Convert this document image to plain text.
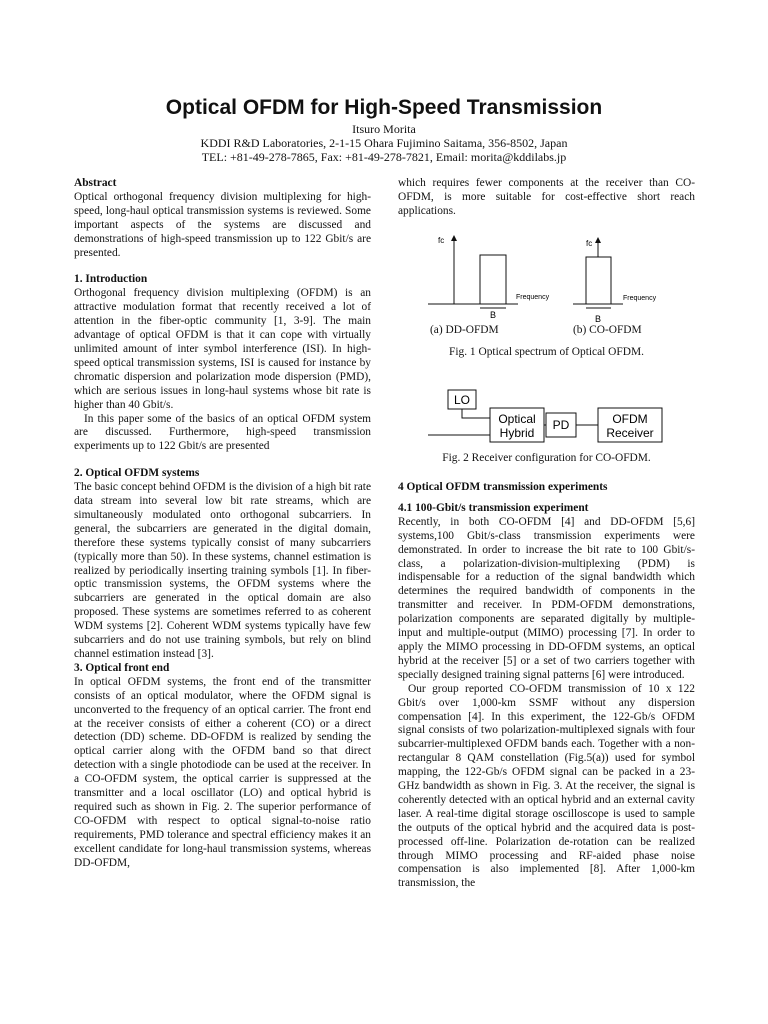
Optical OFDM for High-Speed Transmission
Itsuro Morita
KDDI R&D Laboratories, 2-1-15 Ohara Fujimino Saitama, 356-8502, Japan
TEL: +81-49-278-7865, Fax: +81-49-278-7821, Email: morita@kddilabs.jp
Abstract

Optical orthogonal frequency division multiplexing for high-speed, long-haul optical transmission systems is reviewed. Some important aspects of the systems are discussed and demonstrations of high-speed transmission up to 122 Gbit/s are presented.

1. Introduction

Orthogonal frequency division multiplexing (OFDM) is an attractive modulation format that recently received a lot of attention in the fiber-optic community [1, 3-9]. The main advantage of optical OFDM is that it can cope with virtually unlimited amount of inter symbol interference (ISI). In high-speed optical transmission systems, ISI is caused for instance by chromatic dispersion and polarization mode dispersion (PMD), which are serious issues in long-haul systems whose bit rate is higher than 40 Gbit/s.

In this paper some of the basics of an optical OFDM system are discussed. Furthermore, high-speed transmission experiments up to 122 Gbit/s are presented

2. Optical OFDM systems

The basic concept behind OFDM is the division of a high bit rate data stream into several low bit rate streams, which are simultaneously modulated onto orthogonal subcarriers. In general, the subcarriers are generated in the digital domain, therefore these systems typically consist of many subcarriers (typically more than 50). In these systems, channel estimation is realized by periodically inserting training symbols [1]. In fiber-optic transmission systems, the OFDM systems where the subcarriers are generated in the optical domain are also proposed. These systems are sometimes referred to as coherent WDM systems [2]. Coherent WDM systems typically have few subcarriers and do not use training symbols, but rely on blind channel estimation instead [3].

3. Optical front end

In optical OFDM systems, the front end of the transmitter consists of an optical modulator, where the OFDM signal is unconverted to the frequency of an optical carrier. The front end at the receiver consists of either a coherent (CO) or a direct detection (DD) scheme. DD-OFDM is realized by sending the optical carrier along with the OFDM band so that direct detection with a single photodiode can be used at the receiver. In a CO-OFDM system, the optical carrier is suppressed at the transmitter and a local oscillator (LO) and optical hybrid is required such as shown in Fig. 2. The superior performance of CO-OFDM with respect to optical signal-to-noise ratio requirements, PMD tolerance and spectral efficiency makes it an excellent candidate for long-haul transmission systems, whereas DD-OFDM,

which requires fewer components at the receiver than CO-OFDM, is more suitable for cost-effective short reach applications.

fc
B
Frequency
fc
B
Frequency
(a) DD-OFDM	(b) CO-OFDM
Fig. 1 Optical spectrum of Optical OFDM.
LO
Optical
Hybrid
PD	OFDM
Receiver
Fig. 2 Receiver configuration for CO-OFDM.
4 Optical OFDM transmission experiments
4.1 100-Gbit/s transmission experiment

Recently, in both CO-OFDM [4] and DD-OFDM [5,6] systems,100 Gbit/s-class transmission experiments were demonstrated. In order to increase the bit rate to 100 Gbit/s-class, a polarization-division-multiplexing (PDM) is indispensable for a reduction of the signal bandwidth which determines the required bandwidth of components in the transmitter and receiver. In PDM-OFDM demonstrations, polarization components are separated digitally by multiple-input and multiple-output (MIMO) processing [7]. In order to apply the MIMO processing in DD-OFDM systems, an optical hybrid at the receiver [5] or a set of two carriers together with specially designed training signal patterns [6] were introduced.

Our group reported CO-OFDM transmission of 10 x 122 Gbit/s over 1,000-km SSMF without any dispersion compensation [4]. In this experiment, the 122-Gb/s OFDM signal consists of two polarization-multiplexed signals with four subcarrier-multiplexed OFDM bands each. Together with a non-rectangular 8 QAM constellation (Fig.5(a)) used for symbol mapping, the 122-Gb/s OFDM signal can be packed in a 23-GHz bandwidth as shown in Fig. 3. At the receiver, the signal is coherently detected with an optical hybrid and an external cavity laser. A real-time digital storage oscilloscope is used to sample the outputs of the optical hybrid and the acquired data is post-processed off-line. Polarization de-rotation can be realized through MIMO processing and RF-aided phase noise compensation is also implemented [8]. After 1,000-km transmission, the
